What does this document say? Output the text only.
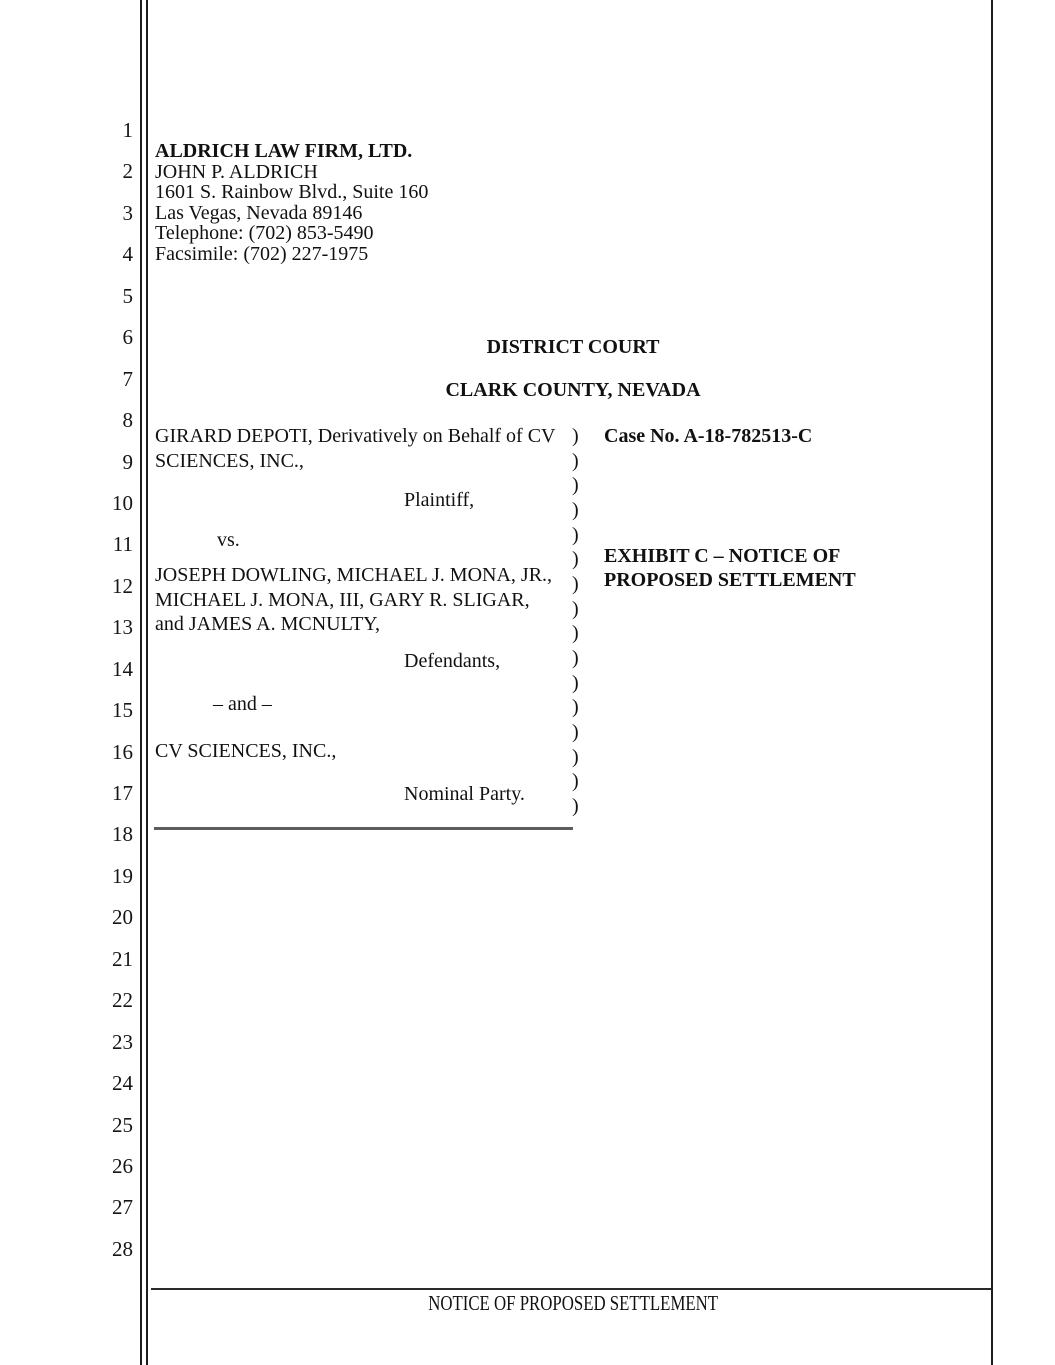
1
2
3
4
5
6
7
8
9
10
11
12
13
14
15
16
17
18
19
20
21
22
23
24
25
26
27
28
ALDRICH LAW FIRM, LTD.
JOHN P. ALDRICH
1601 S. Rainbow Blvd., Suite 160
Las Vegas, Nevada 89146
Telephone: (702) 853-5490
Facsimile: (702) 227-1975
DISTRICT COURT
CLARK COUNTY, NEVADA
GIRARD DEPOTI, Derivatively on Behalf of CV
SCIENCES, INC.,
Plaintiff,
vs.
JOSEPH DOWLING, MICHAEL J. MONA, JR.,
MICHAEL J. MONA, III, GARY R. SLIGAR,
and JAMES A. MCNULTY,
Defendants,
– and –
CV SCIENCES, INC.,
Nominal Party.
)
)
)
)
)
)
)
)
)
)
)
)
)
)
)
)
Case No. A-18-782513-C
EXHIBIT C – NOTICE OF
PROPOSED SETTLEMENT
NOTICE OF PROPOSED SETTLEMENT
